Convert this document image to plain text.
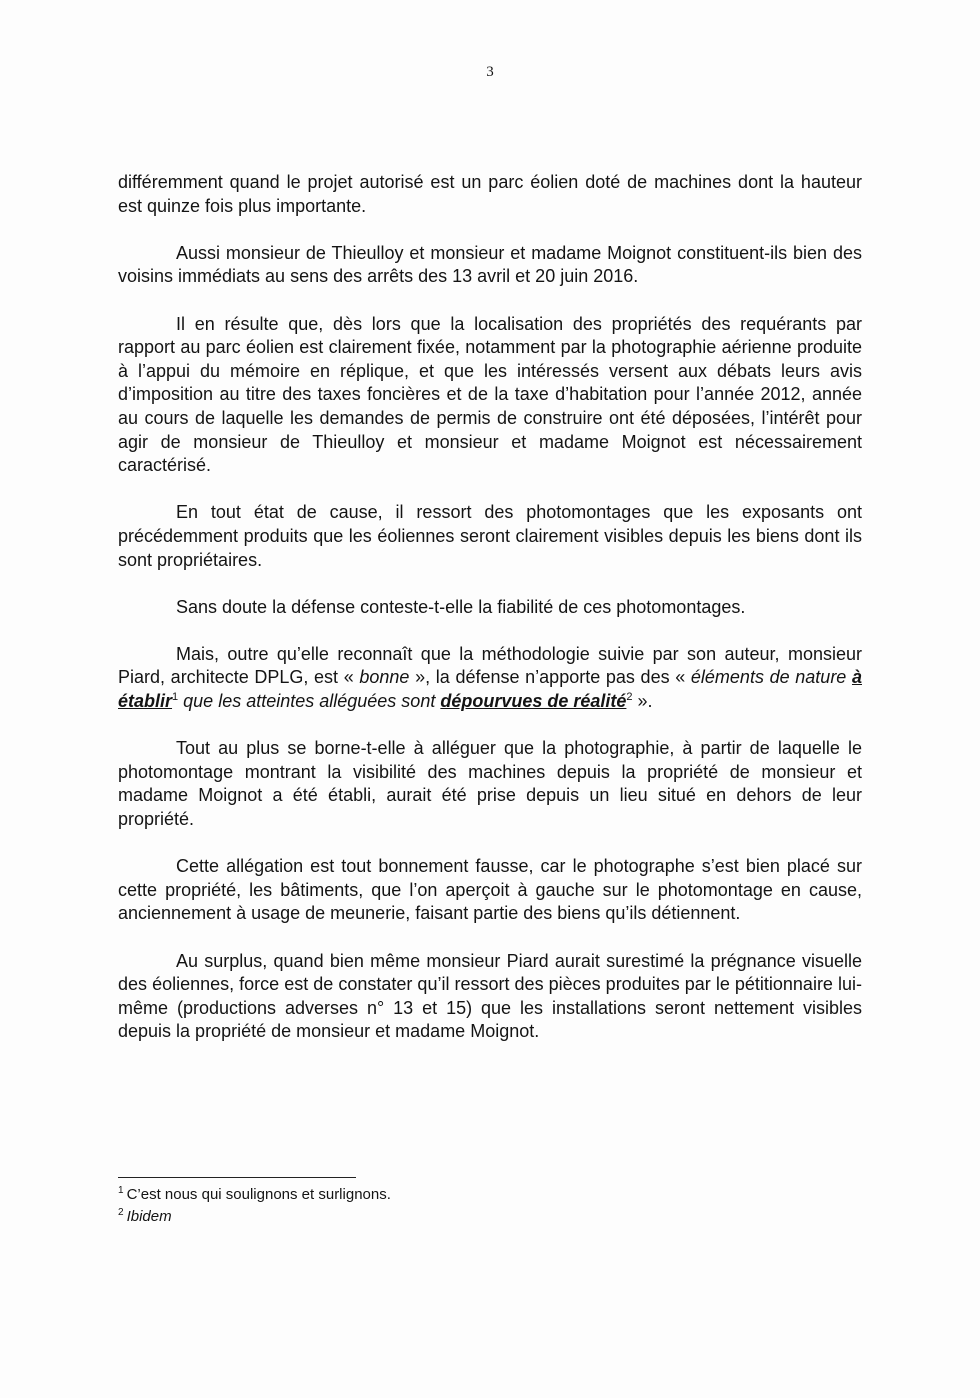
3

différemment quand le projet autorisé est un parc éolien doté de machines dont la hauteur est quinze fois plus importante.

Aussi monsieur de Thieulloy et monsieur et madame Moignot constituent-ils bien des voisins immédiats au sens des arrêts des 13 avril et 20 juin 2016.

Il en résulte que, dès lors que la localisation des propriétés des requérants par rapport au parc éolien est clairement fixée, notamment par la photographie aérienne produite à l’appui du mémoire en réplique, et que les intéressés versent aux débats leurs avis d’imposition au titre des taxes foncières et de la taxe d’habitation pour l’année 2012, année au cours de laquelle les demandes de permis de construire ont été déposées, l’intérêt pour agir de monsieur de Thieulloy et monsieur et madame Moignot est nécessairement caractérisé.

En tout état de cause, il ressort des photomontages que les exposants ont précédemment produits que les éoliennes seront clairement visibles depuis les biens dont ils sont propriétaires.

Sans doute la défense conteste-t-elle la fiabilité de ces photomontages.

Mais, outre qu’elle reconnaît que la méthodologie suivie par son auteur, monsieur Piard, architecte DPLG, est « bonne », la défense n’apporte pas des « éléments de nature à établir$^1$ que les atteintes alléguées sont dépourvues de réalité$^2$ ».

Tout au plus se borne-t-elle à alléguer que la photographie, à partir de laquelle le photomontage montrant la visibilité des machines depuis la propriété de monsieur et madame Moignot a été établi, aurait été prise depuis un lieu situé en dehors de leur propriété.

Cette allégation est tout bonnement fausse, car le photographe s’est bien placé sur cette propriété, les bâtiments, que l’on aperçoit à gauche sur le photomontage en cause, anciennement à usage de meunerie, faisant partie des biens qu’ils détiennent.

Au surplus, quand bien même monsieur Piard aurait surestimé la prégnance visuelle des éoliennes, force est de constater qu’il ressort des pièces produites par le pétitionnaire lui-même (productions adverses n° 13 et 15) que les installations seront nettement visibles depuis la propriété de monsieur et madame Moignot.

$^1$ C’est nous qui soulignons et surlignons.
$^2$ Ibidem
